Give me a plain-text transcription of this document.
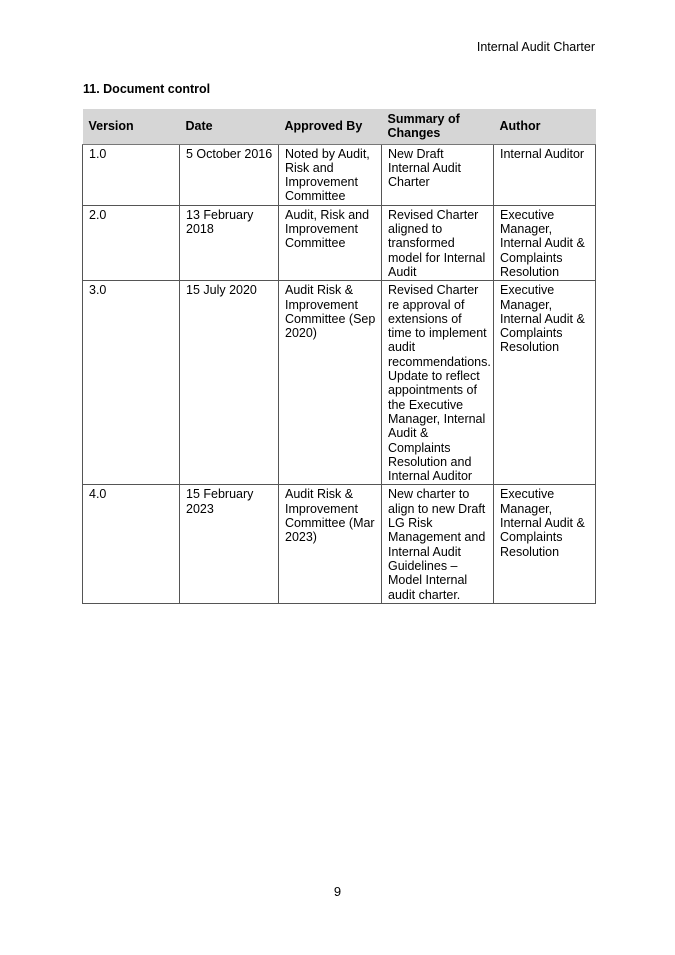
Internal Audit Charter
11. Document control
Version	Date	Approved By	Summary of Changes	Author
1.0	5 October 2016	Noted by Audit, Risk and Improvement Committee	New Draft Internal Audit Charter	Internal Auditor
2.0	13 February 2018	Audit, Risk and Improvement Committee	Revised Charter aligned to transformed model for Internal Audit	Executive Manager, Internal Audit & Complaints Resolution
3.0	15 July 2020	Audit Risk & Improvement Committee (Sep 2020)	Revised Charter re approval of extensions of time to implement audit recommendations. Update to reflect appointments of the Executive Manager, Internal Audit & Complaints Resolution and Internal Auditor	Executive Manager, Internal Audit & Complaints Resolution
4.0	15 February 2023	Audit Risk & Improvement Committee (Mar 2023)	New charter to align to new Draft LG Risk Management and Internal Audit Guidelines – Model Internal audit charter.	Executive Manager, Internal Audit & Complaints Resolution
9
